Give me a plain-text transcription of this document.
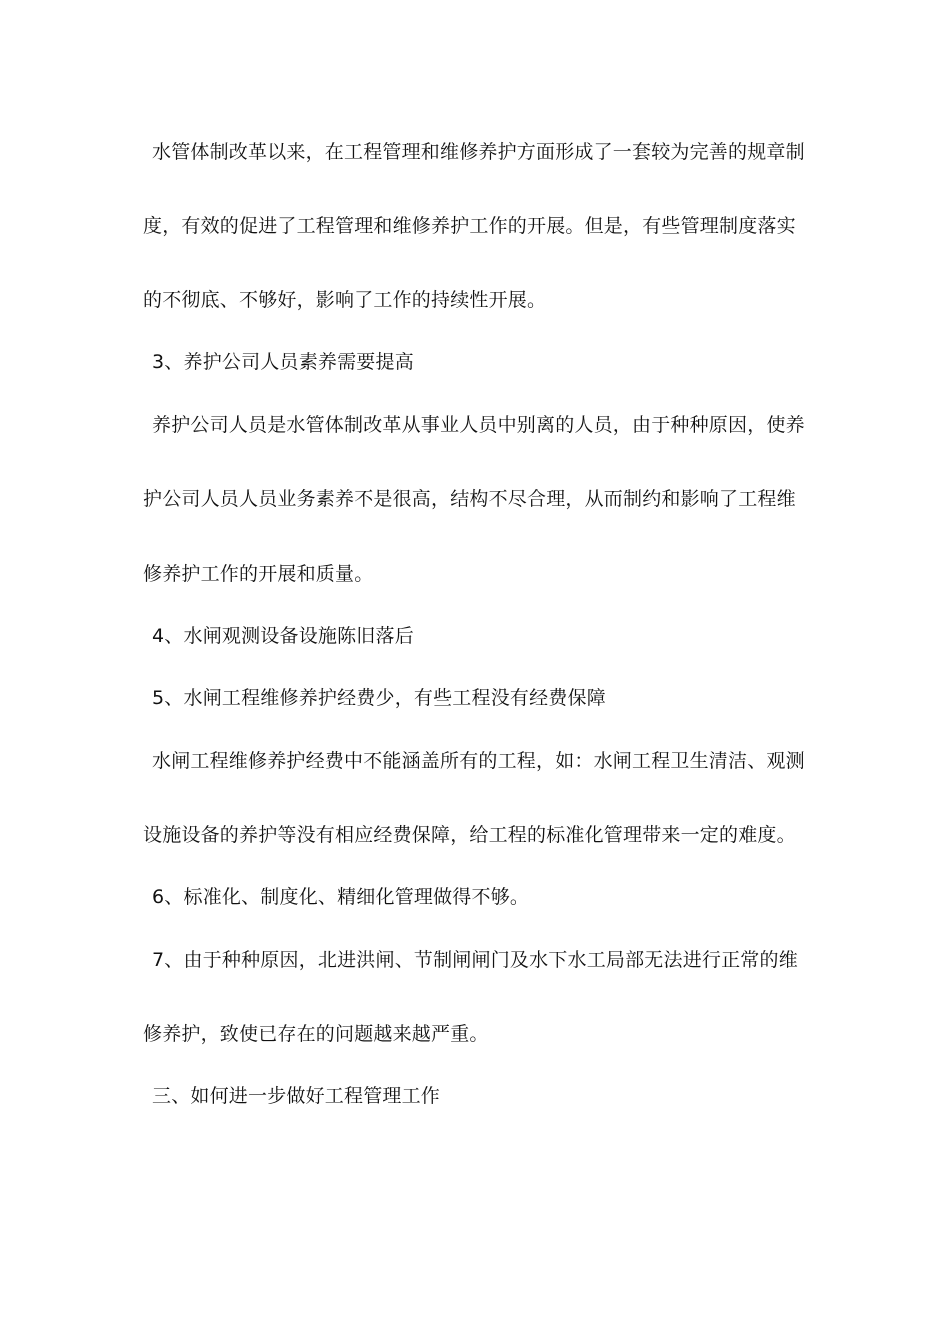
水管体制改革以来，在工程管理和维修养护方面形成了一套较为完善的规章制
度，有效的促进了工程管理和维修养护工作的开展。但是，有些管理制度落实
的不彻底、不够好，影响了工作的持续性开展。
3、养护公司人员素养需要提高
养护公司人员是水管体制改革从事业人员中别离的人员，由于种种原因，使养
护公司人员人员业务素养不是很高，结构不尽合理，从而制约和影响了工程维
修养护工作的开展和质量。
4、水闸观测设备设施陈旧落后
5、水闸工程维修养护经费少，有些工程没有经费保障
水闸工程维修养护经费中不能涵盖所有的工程，如：水闸工程卫生清洁、观测
设施设备的养护等没有相应经费保障，给工程的标准化管理带来一定的难度。
6、标准化、制度化、精细化管理做得不够。
7、由于种种原因，北进洪闸、节制闸闸门及水下水工局部无法进行正常的维
修养护，致使已存在的问题越来越严重。
三、如何进一步做好工程管理工作
